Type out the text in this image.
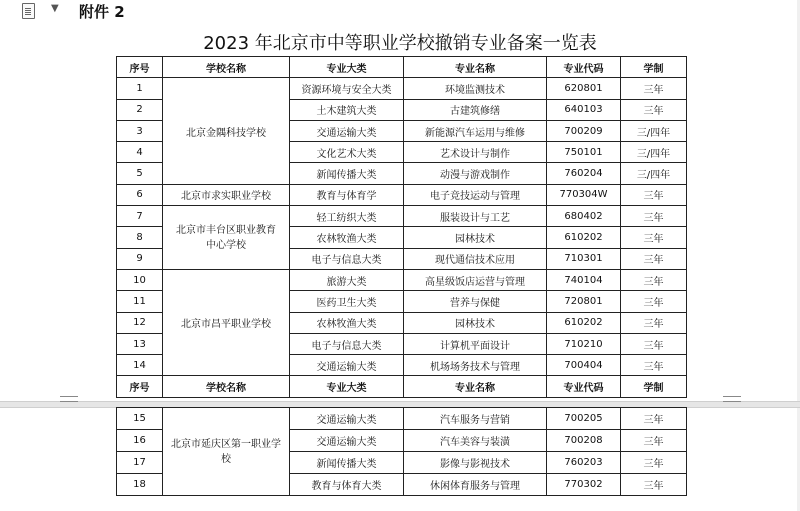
▼ 附件 2
2023 年北京市中等职业学校撤销专业备案一览表
序号	学校名称	专业大类	专业名称	专业代码	学制
1	北京金隅科技学校	资源环境与安全大类	环境监测技术	620801	三年
2		土木建筑大类	古建筑修缮	640103	三年
3		交通运输大类	新能源汽车运用与维修	700209	三/四年
4		文化艺术大类	艺术设计与制作	750101	三/四年
5		新闻传播大类	动漫与游戏制作	760204	三/四年
6	北京市求实职业学校	教育与体育学	电子竞技运动与管理	770304W	三年
7	北京市丰台区职业教育中心学校	轻工纺织大类	服装设计与工艺	680402	三年
8		农林牧渔大类	园林技术	610202	三年
9		电子与信息大类	现代通信技术应用	710301	三年
10	北京市昌平职业学校	旅游大类	高星级饭店运营与管理	740104	三年
11		医药卫生大类	营养与保健	720801	三年
12		农林牧渔大类	园林技术	610202	三年
13		电子与信息大类	计算机平面设计	710210	三年
14		交通运输大类	机场场务技术与管理	700404	三年
序号	学校名称	专业大类	专业名称	专业代码	学制
15	北京市延庆区第一职业学校	交通运输大类	汽车服务与营销	700205	三年
16		交通运输大类	汽车美容与装潢	700208	三年
17		新闻传播大类	影像与影视技术	760203	三年
18		教育与体育大类	休闲体育服务与管理	770302	三年
